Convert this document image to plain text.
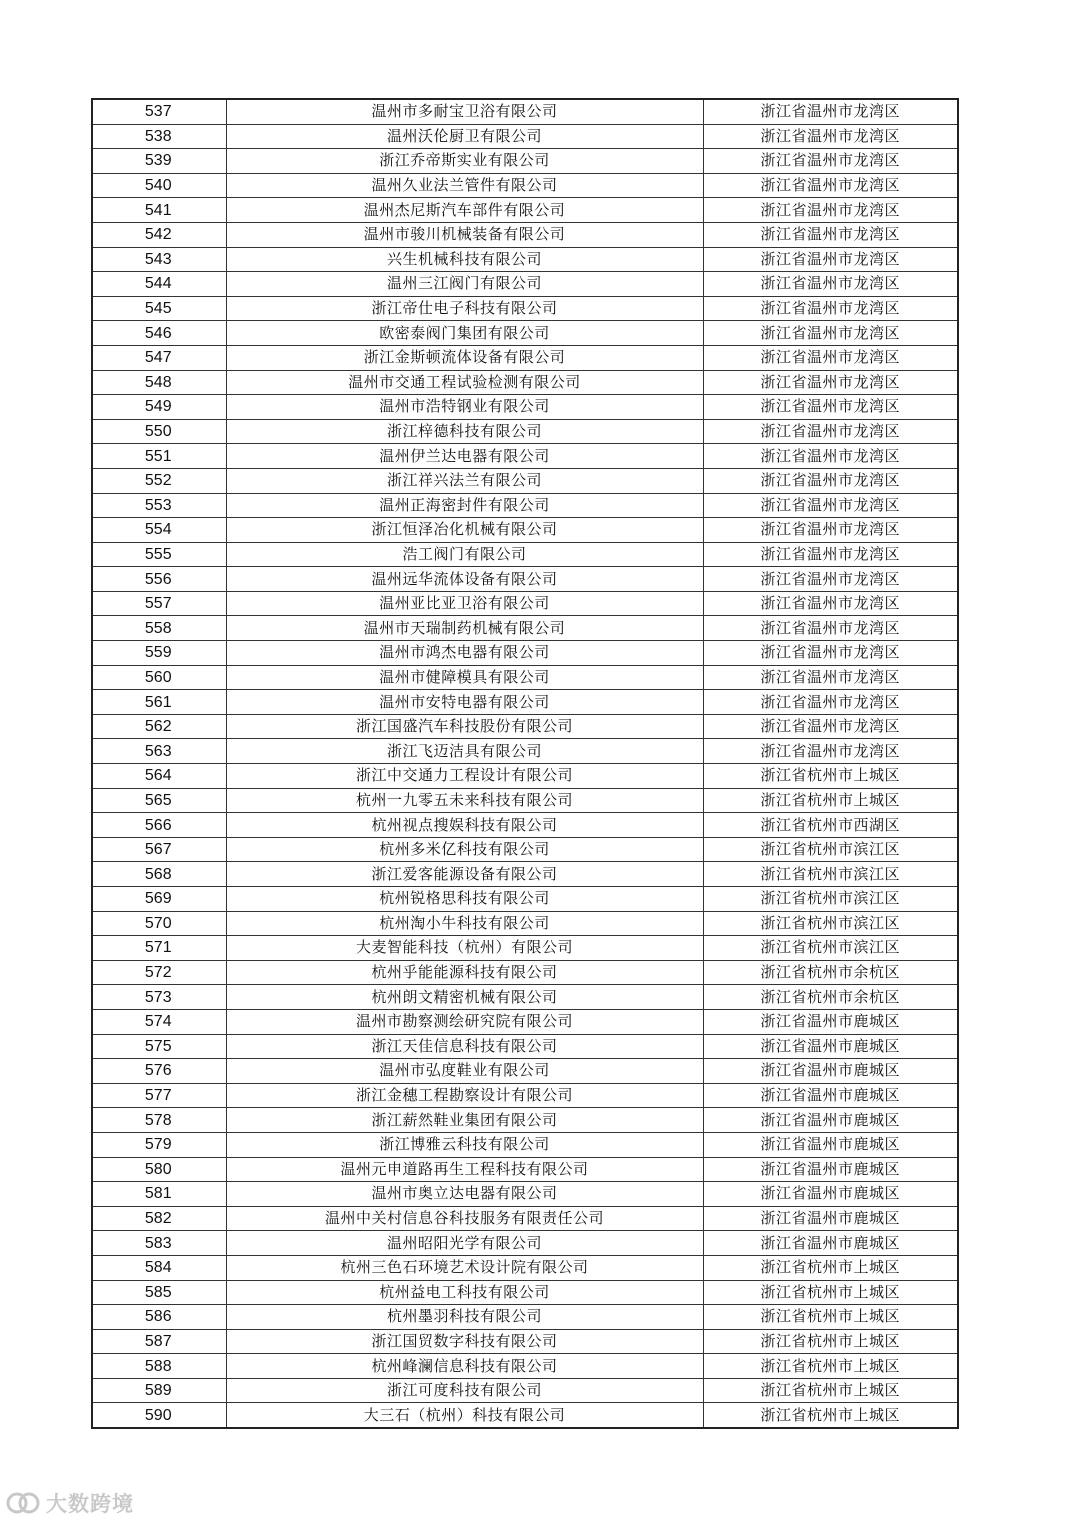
537	温州市多耐宝卫浴有限公司	浙江省温州市龙湾区
538	温州沃伦厨卫有限公司	浙江省温州市龙湾区
539	浙江乔帝斯实业有限公司	浙江省温州市龙湾区
540	温州久业法兰管件有限公司	浙江省温州市龙湾区
541	温州杰尼斯汽车部件有限公司	浙江省温州市龙湾区
542	温州市骏川机械装备有限公司	浙江省温州市龙湾区
543	兴生机械科技有限公司	浙江省温州市龙湾区
544	温州三江阀门有限公司	浙江省温州市龙湾区
545	浙江帝仕电子科技有限公司	浙江省温州市龙湾区
546	欧密泰阀门集团有限公司	浙江省温州市龙湾区
547	浙江金斯顿流体设备有限公司	浙江省温州市龙湾区
548	温州市交通工程试验检测有限公司	浙江省温州市龙湾区
549	温州市浩特钢业有限公司	浙江省温州市龙湾区
550	浙江梓德科技有限公司	浙江省温州市龙湾区
551	温州伊兰达电器有限公司	浙江省温州市龙湾区
552	浙江祥兴法兰有限公司	浙江省温州市龙湾区
553	温州正海密封件有限公司	浙江省温州市龙湾区
554	浙江恒泽冶化机械有限公司	浙江省温州市龙湾区
555	浩工阀门有限公司	浙江省温州市龙湾区
556	温州远华流体设备有限公司	浙江省温州市龙湾区
557	温州亚比亚卫浴有限公司	浙江省温州市龙湾区
558	温州市天瑞制药机械有限公司	浙江省温州市龙湾区
559	温州市鸿杰电器有限公司	浙江省温州市龙湾区
560	温州市健障模具有限公司	浙江省温州市龙湾区
561	温州市安特电器有限公司	浙江省温州市龙湾区
562	浙江国盛汽车科技股份有限公司	浙江省温州市龙湾区
563	浙江飞迈洁具有限公司	浙江省温州市龙湾区
564	浙江中交通力工程设计有限公司	浙江省杭州市上城区
565	杭州一九零五未来科技有限公司	浙江省杭州市上城区
566	杭州视点搜娱科技有限公司	浙江省杭州市西湖区
567	杭州多米亿科技有限公司	浙江省杭州市滨江区
568	浙江爱客能源设备有限公司	浙江省杭州市滨江区
569	杭州锐格思科技有限公司	浙江省杭州市滨江区
570	杭州淘小牛科技有限公司	浙江省杭州市滨江区
571	大麦智能科技（杭州）有限公司	浙江省杭州市滨江区
572	杭州乎能能源科技有限公司	浙江省杭州市余杭区
573	杭州朗文精密机械有限公司	浙江省杭州市余杭区
574	温州市勘察测绘研究院有限公司	浙江省温州市鹿城区
575	浙江天佳信息科技有限公司	浙江省温州市鹿城区
576	温州市弘度鞋业有限公司	浙江省温州市鹿城区
577	浙江金穗工程勘察设计有限公司	浙江省温州市鹿城区
578	浙江薪然鞋业集团有限公司	浙江省温州市鹿城区
579	浙江博雅云科技有限公司	浙江省温州市鹿城区
580	温州元申道路再生工程科技有限公司	浙江省温州市鹿城区
581	温州市奥立达电器有限公司	浙江省温州市鹿城区
582	温州中关村信息谷科技服务有限责任公司	浙江省温州市鹿城区
583	温州昭阳光学有限公司	浙江省温州市鹿城区
584	杭州三色石环境艺术设计院有限公司	浙江省杭州市上城区
585	杭州益电工科技有限公司	浙江省杭州市上城区
586	杭州墨羽科技有限公司	浙江省杭州市上城区
587	浙江国贸数字科技有限公司	浙江省杭州市上城区
588	杭州峰澜信息科技有限公司	浙江省杭州市上城区
589	浙江可度科技有限公司	浙江省杭州市上城区
590	大三石（杭州）科技有限公司	浙江省杭州市上城区
大数跨境
